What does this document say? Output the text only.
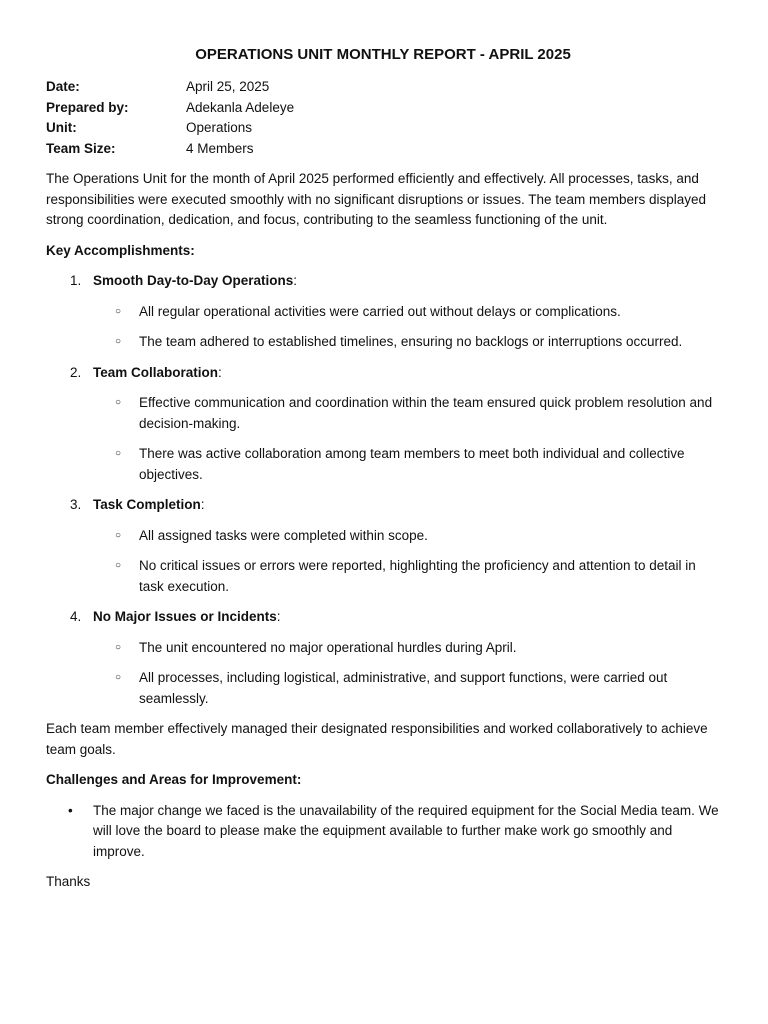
OPERATIONS UNIT MONTHLY REPORT - APRIL 2025
Date:	April 25, 2025
Prepared by:	Adekanla Adeleye
Unit:	Operations
Team Size:	4 Members

The Operations Unit for the month of April 2025 performed efficiently and effectively. All processes, tasks, and responsibilities were executed smoothly with no significant disruptions or issues. The team members displayed strong coordination, dedication, and focus, contributing to the seamless functioning of the unit.

Key Accomplishments:
1. Smooth Day-to-Day Operations:
○ All regular operational activities were carried out without delays or complications.
○ The team adhered to established timelines, ensuring no backlogs or interruptions occurred.
2. Team Collaboration:
○ Effective communication and coordination within the team ensured quick problem resolution and decision-making.
○ There was active collaboration among team members to meet both individual and collective objectives.
3. Task Completion:
○ All assigned tasks were completed within scope.
○ No critical issues or errors were reported, highlighting the proficiency and attention to detail in task execution.
4. No Major Issues or Incidents:
○ The unit encountered no major operational hurdles during April.
○ All processes, including logistical, administrative, and support functions, were carried out seamlessly.

Each team member effectively managed their designated responsibilities and worked collaboratively to achieve team goals.

Challenges and Areas for Improvement:
• The major change we faced is the unavailability of the required equipment for the Social Media team. We will love the board to please make the equipment available to further make work go smoothly and improve.

Thanks
